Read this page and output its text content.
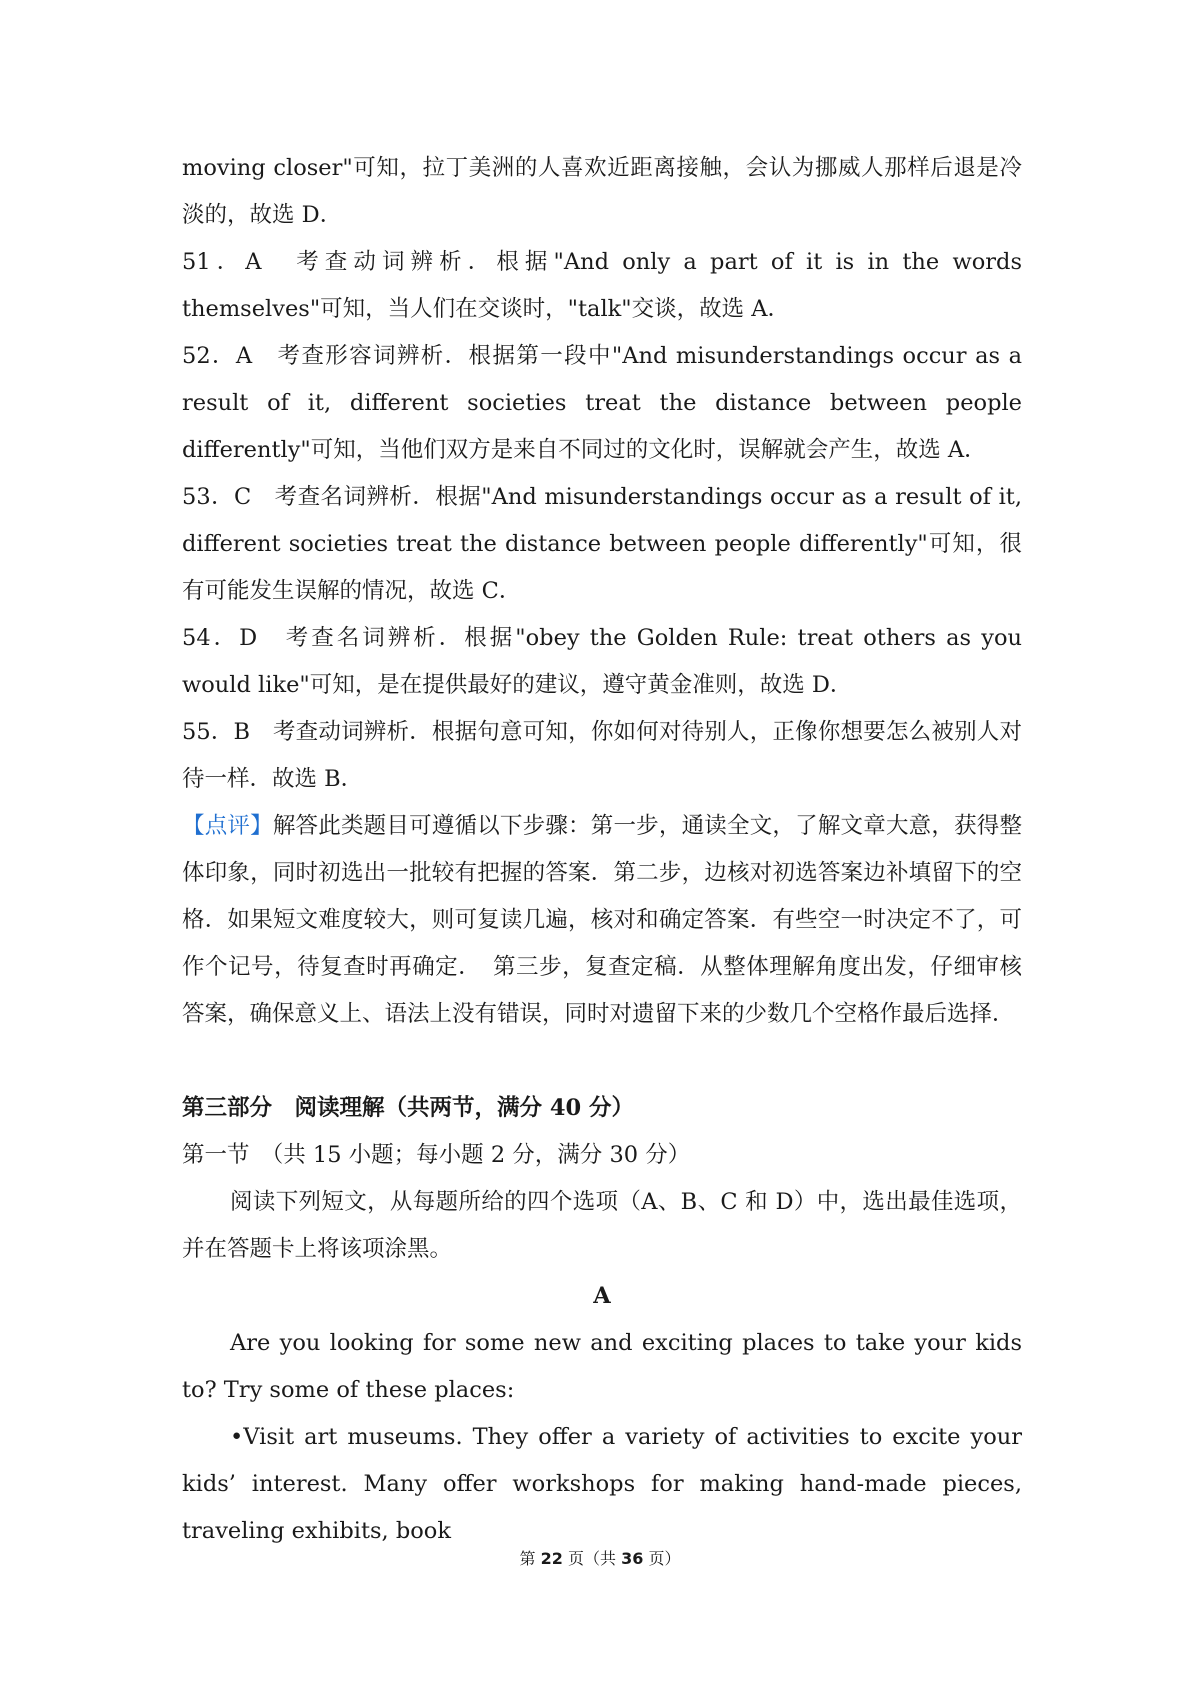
moving closer"可知，拉丁美洲的人喜欢近距离接触，会认为挪威人那样后退是冷淡的，故选 D．

51．A　考查动词辨析．根据"And only a part of it is in the words themselves"可知，当人们在交谈时，"talk"交谈，故选 A．

52．A　考查形容词辨析．根据第一段中"And misunderstandings occur as a result of it, different societies treat the distance between people differently"可知，当他们双方是来自不同过的文化时，误解就会产生，故选 A．

53．C　考查名词辨析．根据"And misunderstandings occur as a result of it, different societies treat the distance between people differently"可知，很有可能发生误解的情况，故选 C．

54．D　考查名词辨析．根据"obey the Golden Rule: treat others as you would like"可知，是在提供最好的建议，遵守黄金准则，故选 D．

55．B　考查动词辨析．根据句意可知，你如何对待别人，正像你想要怎么被别人对待一样．故选 B．

【点评】解答此类题目可遵循以下步骤：第一步，通读全文，了解文章大意，获得整体印象，同时初选出一批较有把握的答案．第二步，边核对初选答案边补填留下的空格．如果短文难度较大，则可复读几遍，核对和确定答案．有些空一时决定不了，可作个记号，待复查时再确定．　第三步，复查定稿．从整体理解角度出发，仔细审核答案，确保意义上、语法上没有错误，同时对遗留下来的少数几个空格作最后选择．

第三部分　阅读理解（共两节，满分 40 分）

第一节　（共 15 小题；每小题 2 分，满分 30 分）

阅读下列短文，从每题所给的四个选项（A、B、C 和 D）中，选出最佳选项，并在答题卡上将该项涂黑。

A

Are you looking for some new and exciting places to take your kids to? Try some of these places:

•Visit art museums. They offer a variety of activities to excite your kids’ interest. Many offer workshops for making hand-made pieces, traveling exhibits, book

第 22 页（共 36 页）
